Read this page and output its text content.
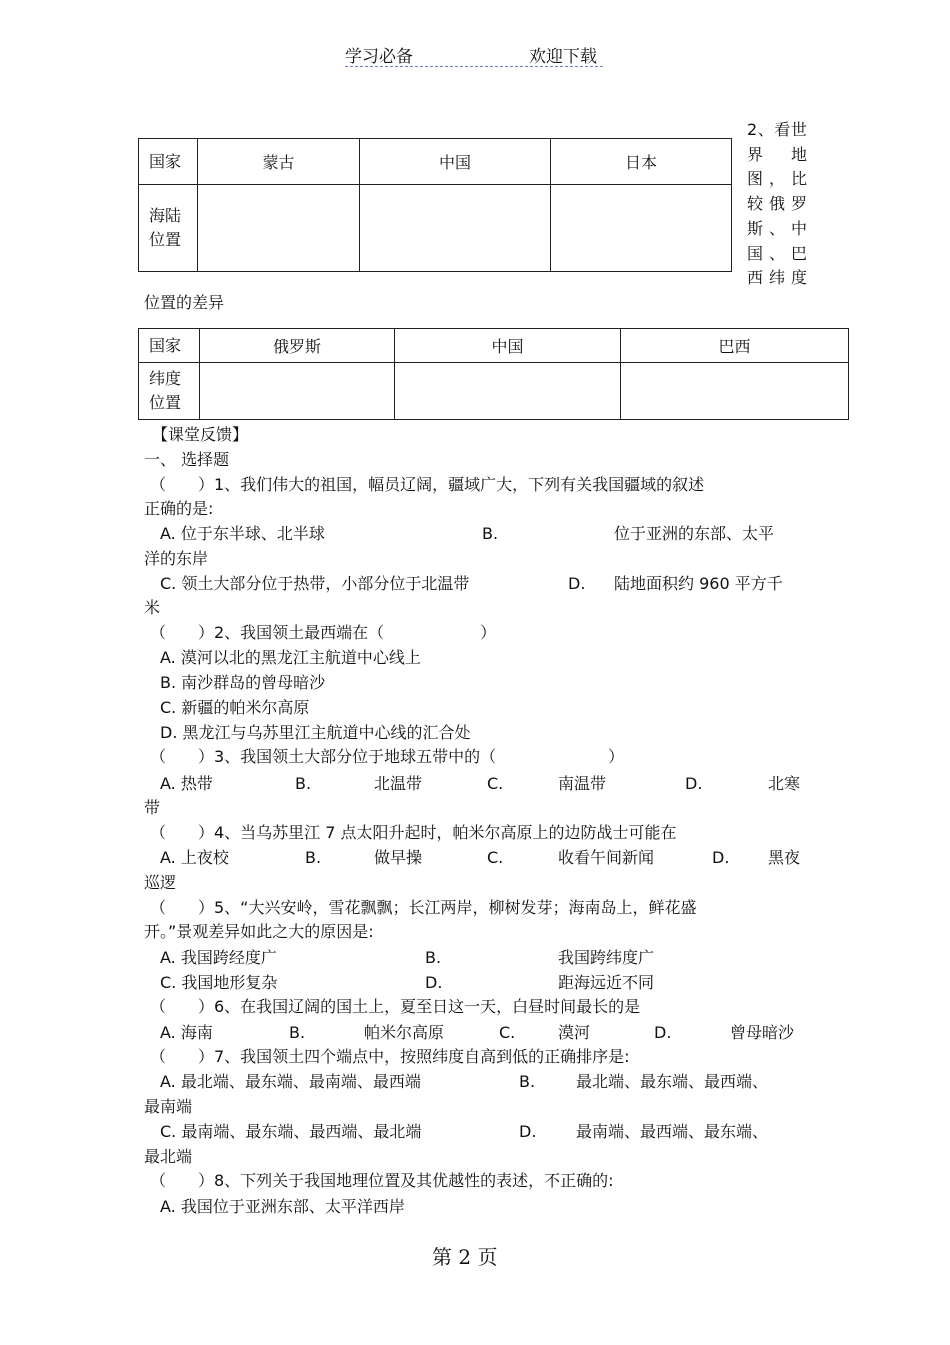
学习必备	欢迎下载
国家	蒙古	中国	日本

海陆
位置			

2、看世
界　地
图，比
较俄罗
斯、中
国、巴
西纬度
位置的差异
国家	俄罗斯	中国	巴西

纬度
位置			

【课堂反馈】
一、 选择题
（　　）1、我们伟大的祖国，幅员辽阔，疆域广大，下列有关我国疆域的叙述
正确的是:
A. 位于东半球、北半球	B.	位于亚洲的东部、太平
洋的东岸
C. 领土大部分位于热带，小部分位于北温带	D. 陆地面积约 960 平方千
米
（　　）2、我国领土最西端在（　　　　　　）
A. 漠河以北的黑龙江主航道中心线上
B. 南沙群岛的曾母暗沙
C. 新疆的帕米尔高原
D. 黑龙江与乌苏里江主航道中心线的汇合处
（　　）3、我国领土大部分位于地球五带中的（　　　　　　　）
A. 热带	B.	北温带	C.	南温带	D.	北寒
带
（　　）4、当乌苏里江 7 点太阳升起时，帕米尔高原上的边防战士可能在
A. 上夜校	B.	做早操	C.	收看午间新闻	D. 黑夜
巡逻
（　　）5、“大兴安岭，雪花飘飘；长江两岸，柳树发芽；海南岛上，鲜花盛
开。”景观差异如此之大的原因是:
A. 我国跨经度广	B.	我国跨纬度广
C. 我国地形复杂	D.	距海远近不同
（　　）6、在我国辽阔的国土上，夏至日这一天，白昼时间最长的是
A. 海南	B.	帕米尔高原	C.	漠河	D.	曾母暗沙
（　　）7、我国领土四个端点中，按照纬度自高到低的正确排序是:
A. 最北端、最东端、最南端、最西端	B.	最北端、最东端、最西端、
最南端
C. 最南端、最东端、最西端、最北端	D. 最南端、最西端、最东端、
最北端
（　　）8、下列关于我国地理位置及其优越性的表述，不正确的:
A. 我国位于亚洲东部、太平洋西岸
第 2 页
